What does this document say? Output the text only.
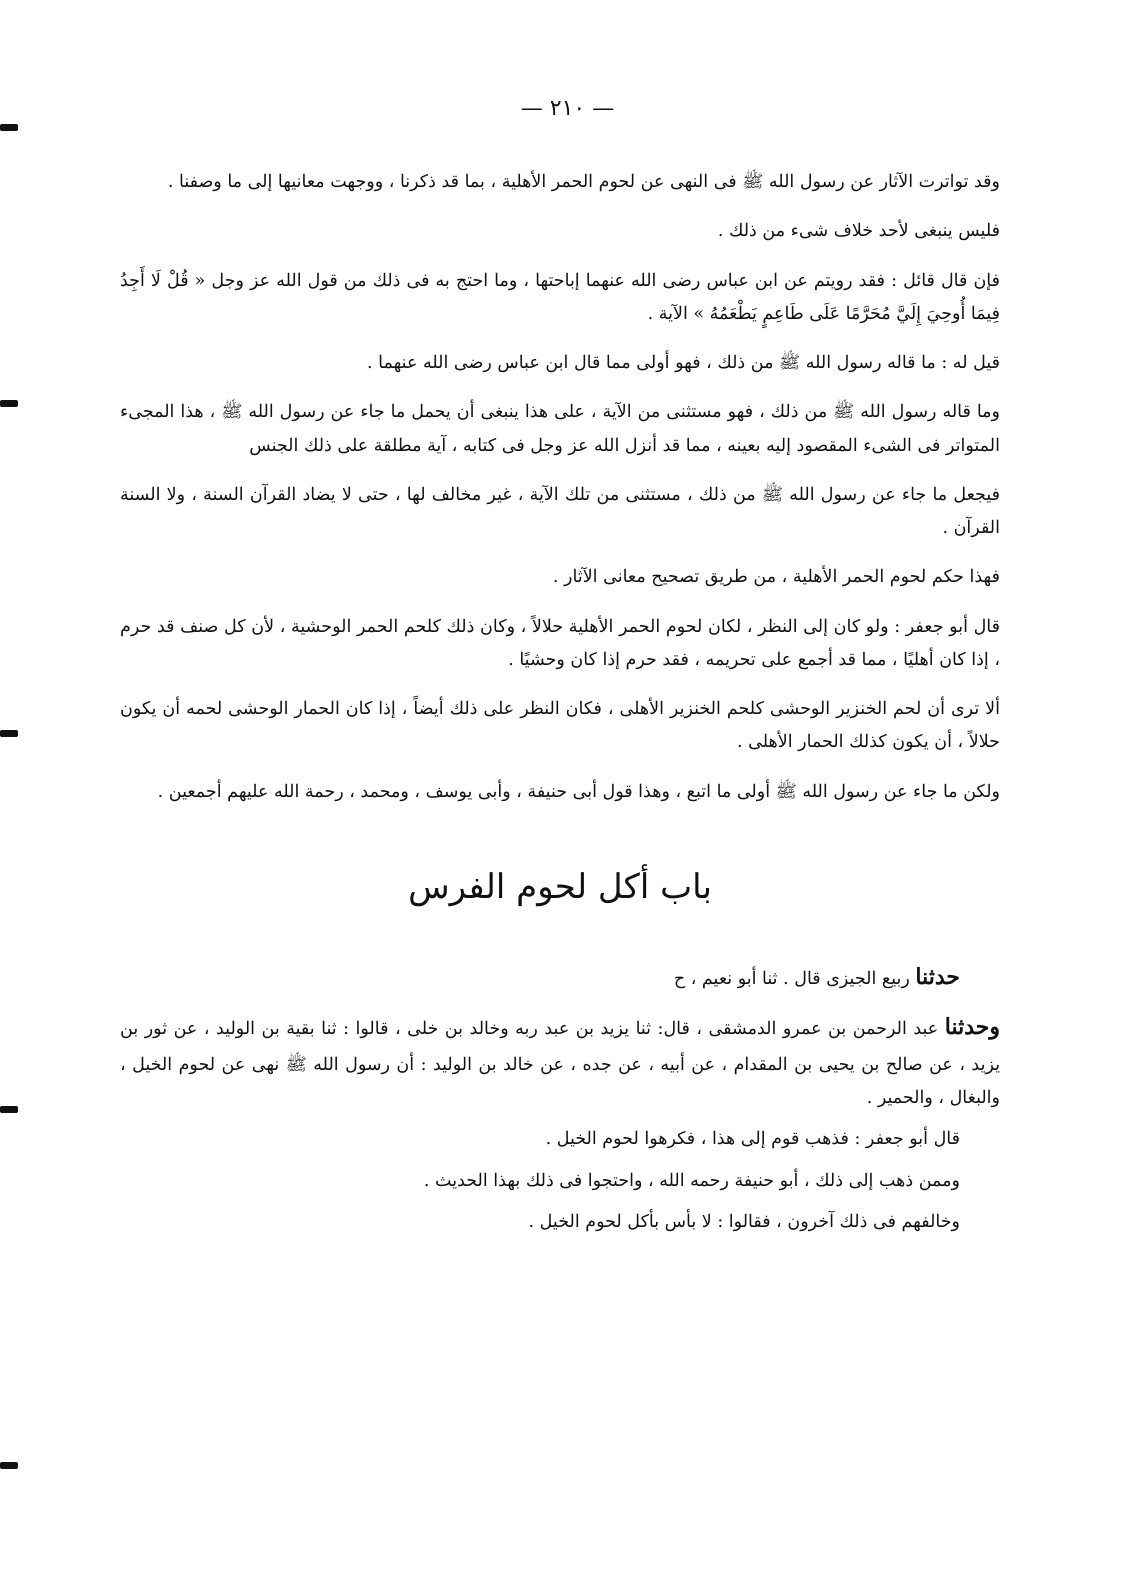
— ٢١٠ —

وقد تواترت الآثار عن رسول الله ﷺ فى النهى عن لحوم الحمر الأهلية ، بما قد ذكرنا ، ووجهت معانيها إلى ما وصفنا .

فليس ينبغى لأحد خلاف شىء من ذلك .

فإن قال قائل : فقد رويتم عن ابن عباس رضى الله عنهما إباحتها ، وما احتج به فى ذلك من قول الله عز وجل « قُلْ لَا أَجِدُ فِيمَا أُوحِيَ إِلَيَّ مُحَرَّمًا عَلَى طَاعِمٍ يَطْعَمُهُ » الآية .

قيل له : ما قاله رسول الله ﷺ من ذلك ، فهو أولى مما قال ابن عباس رضى الله عنهما .

وما قاله رسول الله ﷺ من ذلك ، فهو مستثنى من الآية ، على هذا ينبغى أن يحمل ما جاء عن رسول الله ﷺ ، هذا المجىء المتواتر فى الشىء المقصود إليه بعينه ، مما قد أنزل الله عز وجل فى كتابه ، آية مطلقة على ذلك الجنس

فيجعل ما جاء عن رسول الله ﷺ من ذلك ، مستثنى من تلك الآية ، غير مخالف لها ، حتى لا يضاد القرآن السنة ، ولا السنة القرآن .

فهذا حكم لحوم الحمر الأهلية ، من طريق تصحيح معانى الآثار .

قال أبو جعفر : ولو كان إلى النظر ، لكان لحوم الحمر الأهلية حلالاً ، وكان ذلك كلحم الحمر الوحشية ، لأن كل صنف قد حرم ، إذا كان أهليًا ، مما قد أجمع على تحريمه ، فقد حرم إذا كان وحشيًا .

ألا ترى أن لحم الخنزير الوحشى كلحم الخنزير الأهلى ، فكان النظر على ذلك أيضاً ، إذا كان الحمار الوحشى لحمه أن يكون حلالاً ، أن يكون كذلك الحمار الأهلى .

ولكن ما جاء عن رسول الله ﷺ أولى ما اتبع ، وهذا قول أبى حنيفة ، وأبى يوسف ، ومحمد ، رحمة الله عليهم أجمعين .

باب أكل لحوم الفرس

حدثنا ربيع الجيزى قال . ثنا أبو نعيم ، ح

وحدثنا عبد الرحمن بن عمرو الدمشقى ، قال: ثنا يزيد بن عبد ربه وخالد بن خلى ، قالوا : ثنا بقية بن الوليد ، عن ثور بن يزيد ، عن صالح بن يحيى بن المقدام ، عن أبيه ، عن جده ، عن خالد بن الوليد : أن رسول الله ﷺ نهى عن لحوم الخيل ، والبغال ، والحمير .

قال أبو جعفر : فذهب قوم إلى هذا ، فكرهوا لحوم الخيل .

وممن ذهب إلى ذلك ، أبو حنيفة رحمه الله ، واحتجوا فى ذلك بهذا الحديث .

وخالفهم فى ذلك آخرون ، فقالوا : لا بأس بأكل لحوم الخيل .
